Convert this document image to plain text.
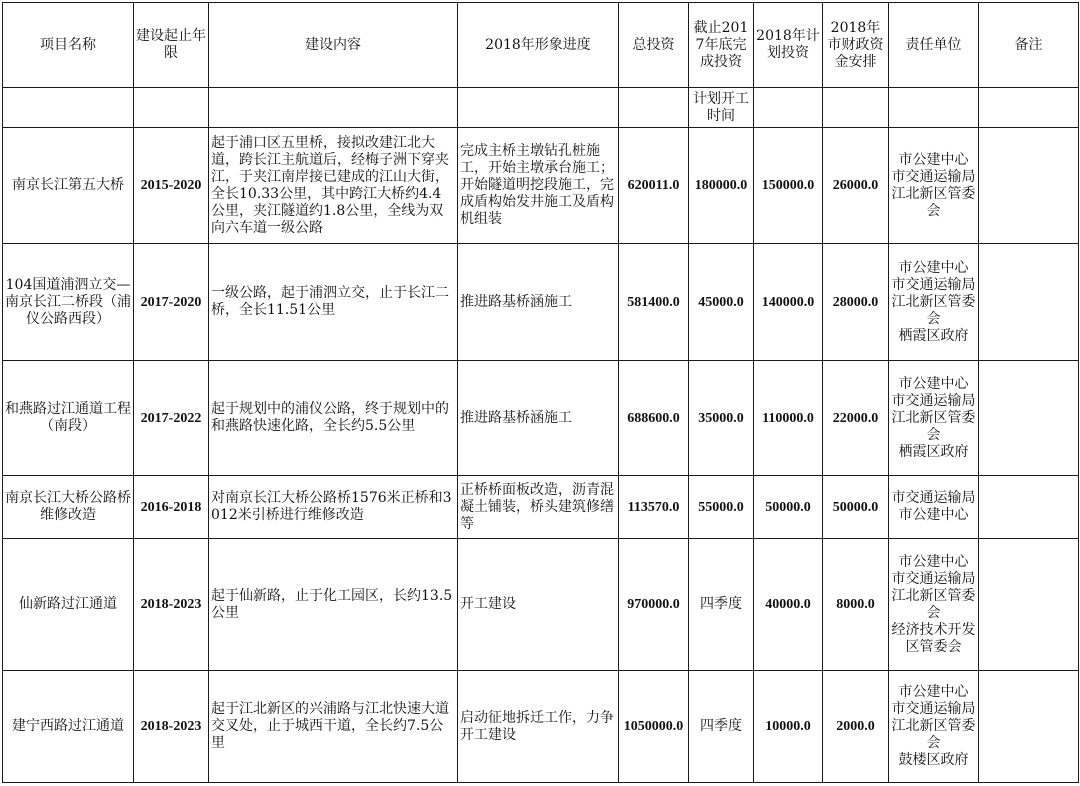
项目名称	建设起止年限	建设内容	2018年形象进度	总投资	截止2017年底完成投资	2018年计划投资	2018年市财政资金安排	责任单位	备注
					计划开工时间				
南京长江第五大桥	2015-2020	起于浦口区五里桥，接拟改建江北大道，跨长江主航道后，经梅子洲下穿夹江，于夹江南岸接已建成的江山大街，全长10.33公里，其中跨江大桥约4.4公里，夹江隧道约1.8公里，全线为双向六车道一级公路	完成主桥主墩钻孔桩施工，开始主墩承台施工；开始隧道明挖段施工，完成盾构始发井施工及盾构机组装	620011.0	180000.0	150000.0	26000.0	市公建中心
市交通运输局
江北新区管委会	

104国道浦泗立交—南京长江二桥段（浦仪公路西段）	2017-2020	一级公路，起于浦泗立交，止于长江二桥，全长11.51公里	推进路基桥涵施工	581400.0	45000.0	140000.0	28000.0	市公建中心
市交通运输局
江北新区管委会
栖霞区政府	

和燕路过江通道工程（南段）	2017-2022	起于规划中的浦仪公路，终于规划中的和燕路快速化路，全长约5.5公里	推进路基桥涵施工	688600.0	35000.0	110000.0	22000.0	市公建中心
市交通运输局
江北新区管委会
栖霞区政府	

南京长江大桥公路桥维修改造	2016-2018	对南京长江大桥公路桥1576米正桥和3012米引桥进行维修改造	正桥桥面板改造，沥青混凝土铺装，桥头建筑修缮等	113570.0	55000.0	50000.0	50000.0	市交通运输局
市公建中心	

仙新路过江通道	2018-2023	起于仙新路，止于化工园区，长约13.5公里	开工建设	970000.0	四季度	40000.0	8000.0	市公建中心
市交通运输局
江北新区管委会
经济技术开发区管委会	

建宁西路过江通道	2018-2023	起于江北新区的兴浦路与江北快速大道交叉处，止于城西干道，全长约7.5公里	启动征地拆迁工作，力争开工建设	1050000.0	四季度	10000.0	2000.0	市公建中心
市交通运输局
江北新区管委会
鼓楼区政府	
